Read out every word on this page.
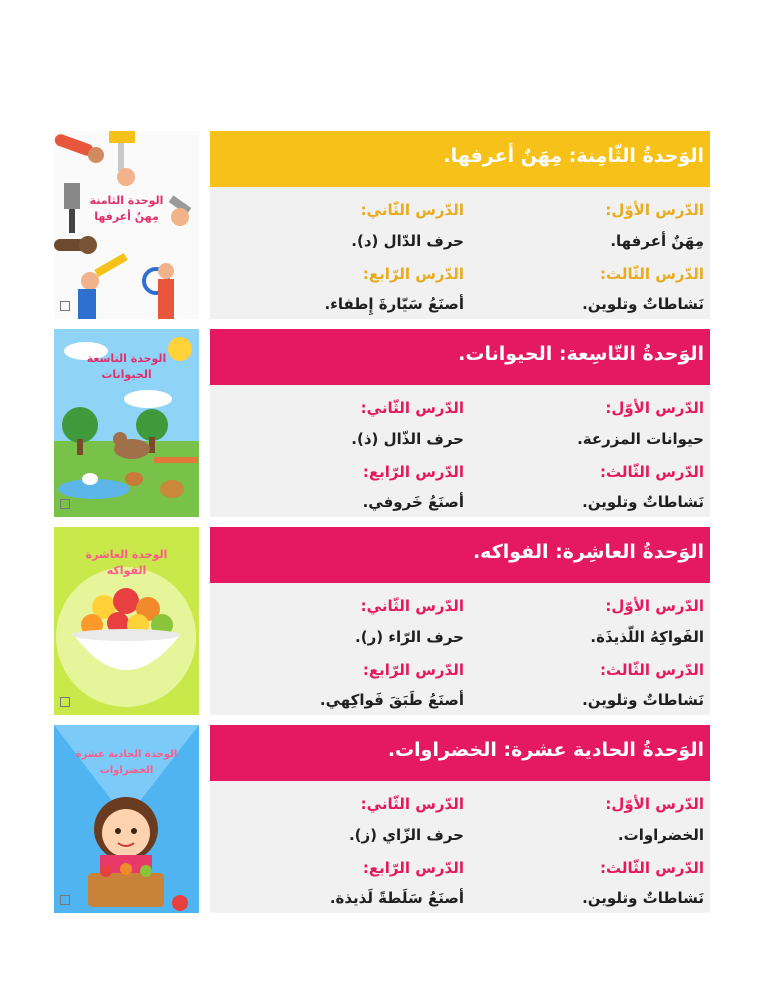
الوحدة الثامنة
مِهنٌ أعرفها
الوَحدةُ الثّامِنة: مِهَنٌ أعرفها.
الدّرس الأوّل:
مِهَنٌ أعرفها.
الدّرس الثّاني:
حرف الدّال (د).
الدّرس الثّالث:
نَشاطاتٌ وتلوين.
الدّرس الرّابع:
أصنَعُ سَيّارةَ إِطفاء.
الوحدة التاسعة
الحيوانات
الوَحدةُ التّاسِعة: الحيوانات.
الدّرس الأوّل:
حيوانات المزرعة.
الدّرس الثّاني:
حرف الذّال (ذ).
الدّرس الثّالث:
نَشاطاتٌ وتلوين.
الدّرس الرّابع:
أصنَعُ خَروفي.
الوحدة العاشرة
الفواكه
الوَحدةُ العاشِرة: الفواكه.
الدّرس الأوّل:
الفَواكِهُ اللّذيذَة.
الدّرس الثّاني:
حرف الرّاء (ر).
الدّرس الثّالث:
نَشاطاتٌ وتلوين.
الدّرس الرّابع:
أصنَعُ طَبَقَ فَواكِهي.
الوحدة الحادية عشرة
الخضراوات
الوَحدةُ الحادية عشرة: الخضراوات.
الدّرس الأوّل:
الخضراوات.
الدّرس الثّاني:
حرف الزّاي (ز).
الدّرس الثّالث:
نَشاطاتٌ وتلوين.
الدّرس الرّابع:
أصنَعُ سَلَطةً لَذيذة.
